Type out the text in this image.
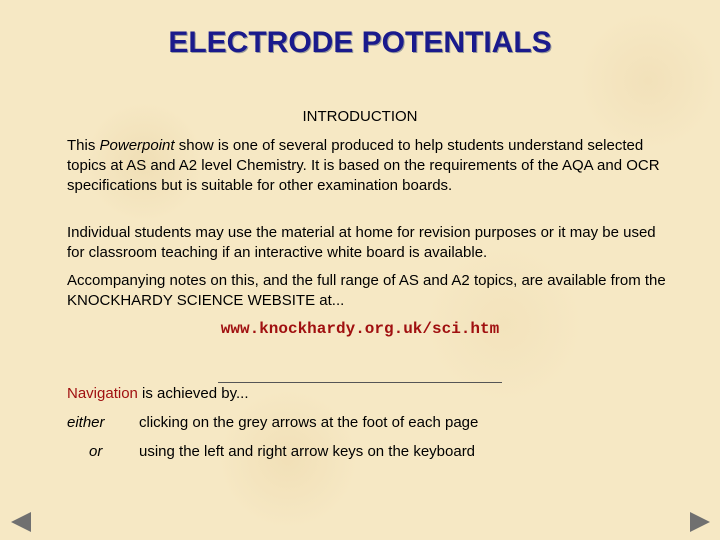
ELECTRODE POTENTIALS
INTRODUCTION
This Powerpoint show is one of several produced to help students understand selected topics at AS and A2 level Chemistry. It is based on the requirements of the AQA and OCR specifications but is suitable for other examination boards.
Individual students may use the material at home for revision purposes or it may be used for classroom teaching if an interactive white board is available.
Accompanying notes on this, and the full range of AS and A2 topics, are available from the KNOCKHARDY SCIENCE WEBSITE at...
www.knockhardy.org.uk/sci.htm
Navigation is achieved by...
either clicking on the grey arrows at the foot of each page
or using the left and right arrow keys on the keyboard
